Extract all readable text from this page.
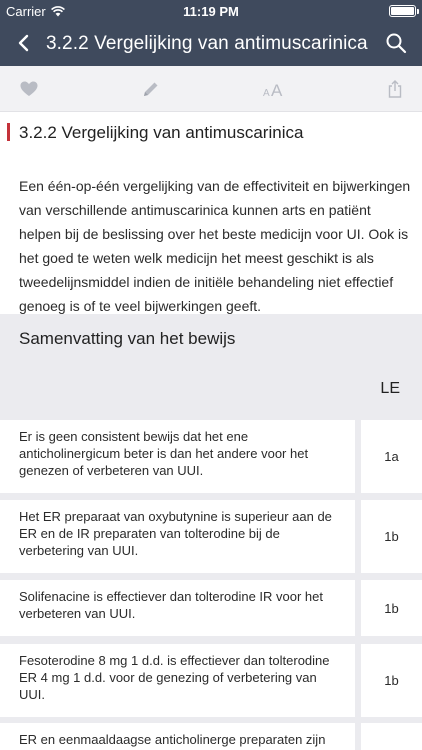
Carrier	11:19 PM
3.2.2 Vergelijking van antimuscarinica
A A
3.2.2 Vergelijking van antimuscarinica

Een één-op-één vergelijking van de effectiviteit en bijwerkingen van verschillende antimuscarinica kunnen arts en patiënt helpen bij de beslissing over het beste medicijn voor UI. Ook is het goed te weten welk medicijn het meest geschikt is als tweedelijnsmiddel indien de initiële behandeling niet effectief genoeg is of te veel bijwerkingen geeft.

Samenvatting van het bewijs
LE
Er is geen consistent bewijs dat het ene anticholinergicum beter is dan het andere voor het genezen of verbeteren van UUI.
1a
Het ER preparaat van oxybutynine is superieur aan de ER en de IR preparaten van tolterodine bij de verbetering van UUI.
1b
Solifenacine is effectiever dan tolterodine IR voor het verbeteren van UUI.	1b
Fesoterodine 8 mg 1 d.d. is effectiever dan tolterodine ER 4 mg 1 d.d. voor de genezing of verbetering van UUI.
1b
ER en eenmaaldaagse anticholinerge preparaten zijn
